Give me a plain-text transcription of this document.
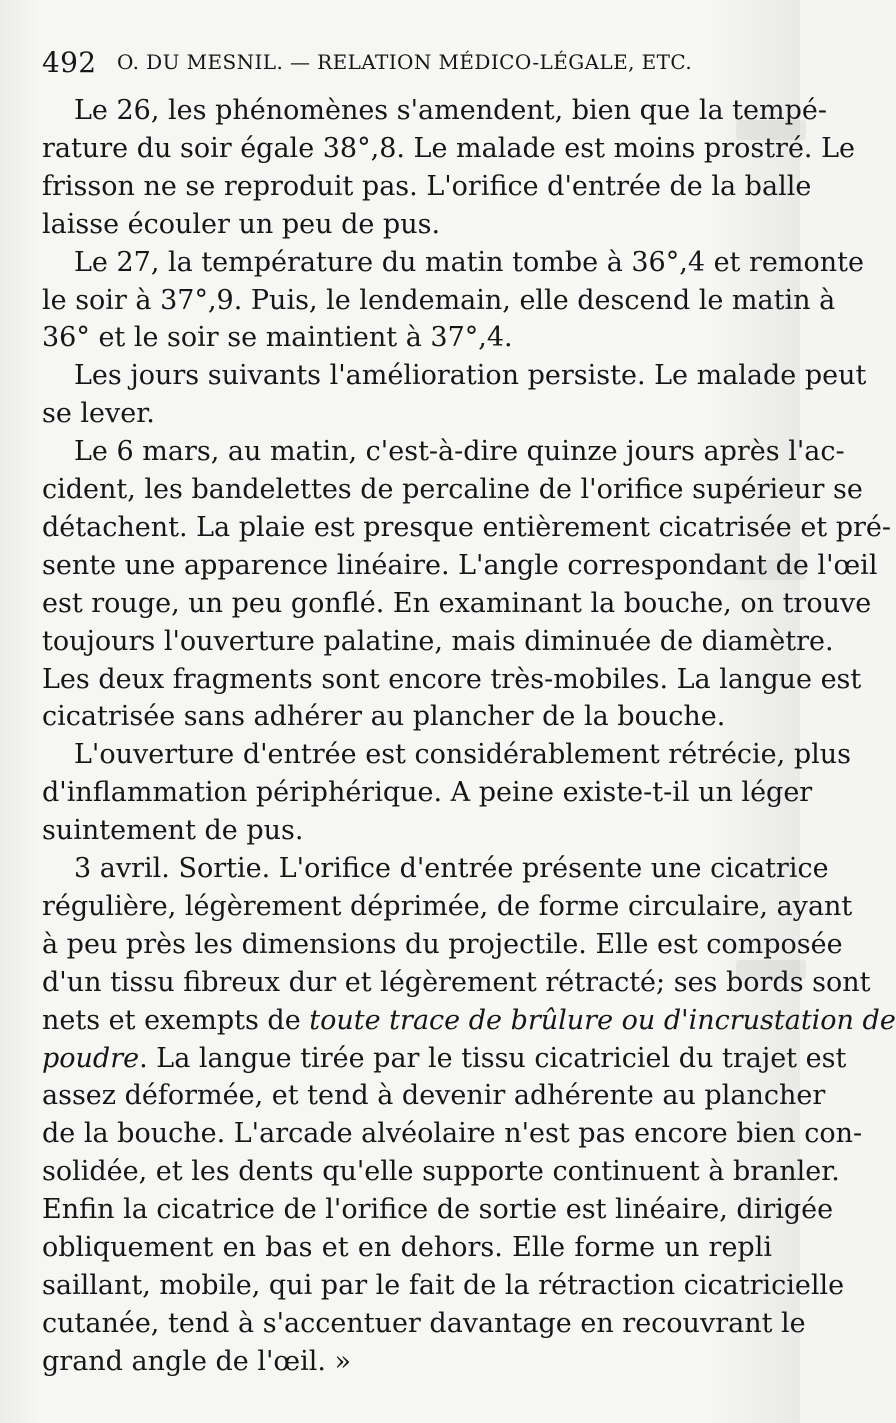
492 O. DU MESNIL. — RELATION MÉDICO-LÉGALE, ETC.
Le 26, les phénomènes s'amendent, bien que la tempé-
rature du soir égale 38°,8. Le malade est moins prostré. Le
frisson ne se reproduit pas. L'orifice d'entrée de la balle
laisse écouler un peu de pus.
Le 27, la température du matin tombe à 36°,4 et remonte
le soir à 37°,9. Puis, le lendemain, elle descend le matin à
36° et le soir se maintient à 37°,4.
Les jours suivants l'amélioration persiste. Le malade peut
se lever.
Le 6 mars, au matin, c'est-à-dire quinze jours après l'ac-
cident, les bandelettes de percaline de l'orifice supérieur se
détachent. La plaie est presque entièrement cicatrisée et pré-
sente une apparence linéaire. L'angle correspondant de l'œil
est rouge, un peu gonflé. En examinant la bouche, on trouve
toujours l'ouverture palatine, mais diminuée de diamètre.
Les deux fragments sont encore très-mobiles. La langue est
cicatrisée sans adhérer au plancher de la bouche.
L'ouverture d'entrée est considérablement rétrécie, plus
d'inflammation périphérique. A peine existe-t-il un léger
suintement de pus.
3 avril. Sortie. L'orifice d'entrée présente une cicatrice
régulière, légèrement déprimée, de forme circulaire, ayant
à peu près les dimensions du projectile. Elle est composée
d'un tissu fibreux dur et légèrement rétracté; ses bords sont
nets et exempts de toute trace de brûlure ou d'incrustation de
poudre. La langue tirée par le tissu cicatriciel du trajet est
assez déformée, et tend à devenir adhérente au plancher
de la bouche. L'arcade alvéolaire n'est pas encore bien con-
solidée, et les dents qu'elle supporte continuent à branler.
Enfin la cicatrice de l'orifice de sortie est linéaire, dirigée
obliquement en bas et en dehors. Elle forme un repli
saillant, mobile, qui par le fait de la rétraction cicatricielle
cutanée, tend à s'accentuer davantage en recouvrant le
grand angle de l'œil. »
